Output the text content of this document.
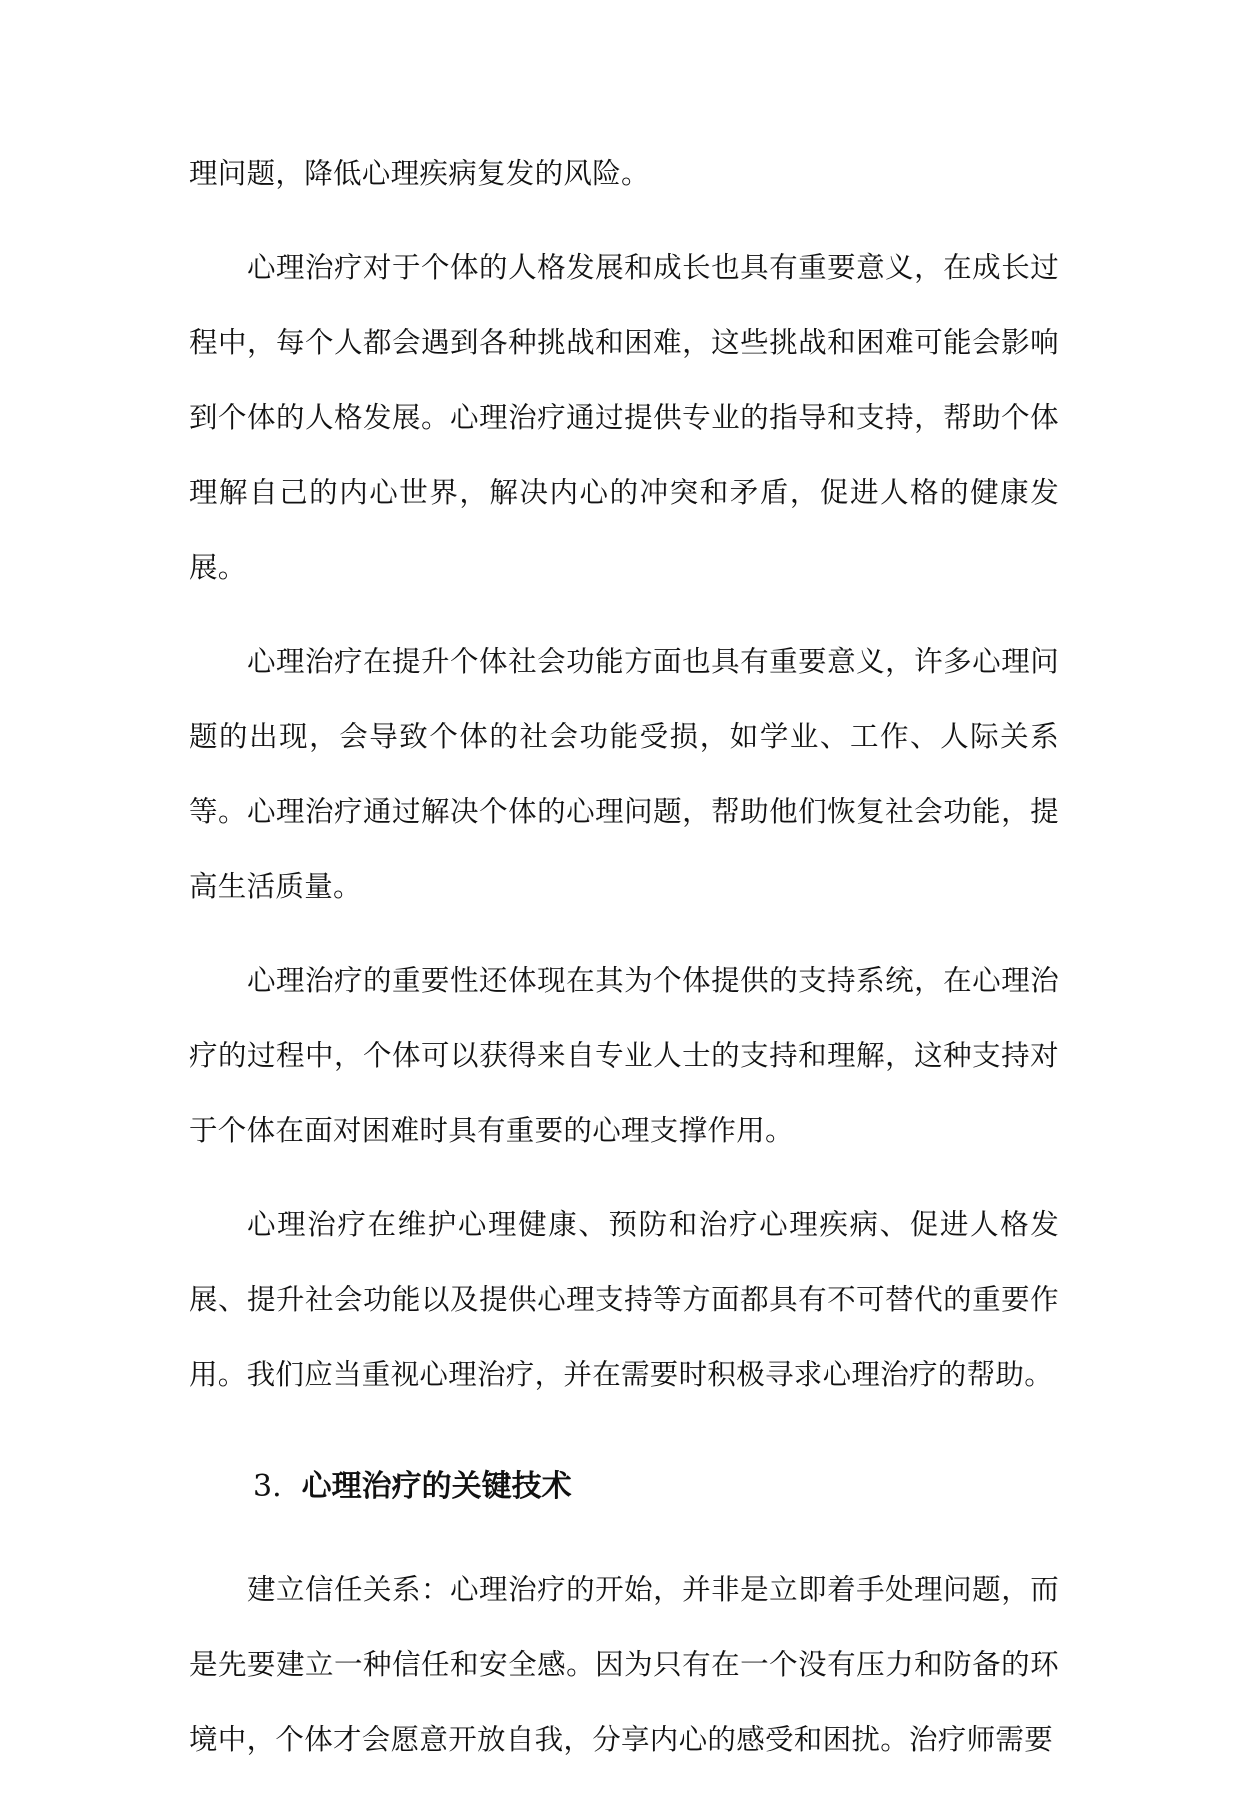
理问题，降低心理疾病复发的风险。

心理治疗对于个体的人格发展和成长也具有重要意义，在成长过程中，每个人都会遇到各种挑战和困难，这些挑战和困难可能会影响到个体的人格发展。心理治疗通过提供专业的指导和支持，帮助个体理解自己的内心世界，解决内心的冲突和矛盾，促进人格的健康发展。

心理治疗在提升个体社会功能方面也具有重要意义，许多心理问题的出现，会导致个体的社会功能受损，如学业、工作、人际关系等。心理治疗通过解决个体的心理问题，帮助他们恢复社会功能，提高生活质量。

心理治疗的重要性还体现在其为个体提供的支持系统，在心理治疗的过程中，个体可以获得来自专业人士的支持和理解，这种支持对于个体在面对困难时具有重要的心理支撑作用。

心理治疗在维护心理健康、预防和治疗心理疾病、促进人格发展、提升社会功能以及提供心理支持等方面都具有不可替代的重要作用。我们应当重视心理治疗，并在需要时积极寻求心理治疗的帮助。

3. 心理治疗的关键技术

建立信任关系：心理治疗的开始，并非是立即着手处理问题，而是先要建立一种信任和安全感。因为只有在一个没有压力和防备的环境中，个体才会愿意开放自我，分享内心的感受和困扰。治疗师需要
